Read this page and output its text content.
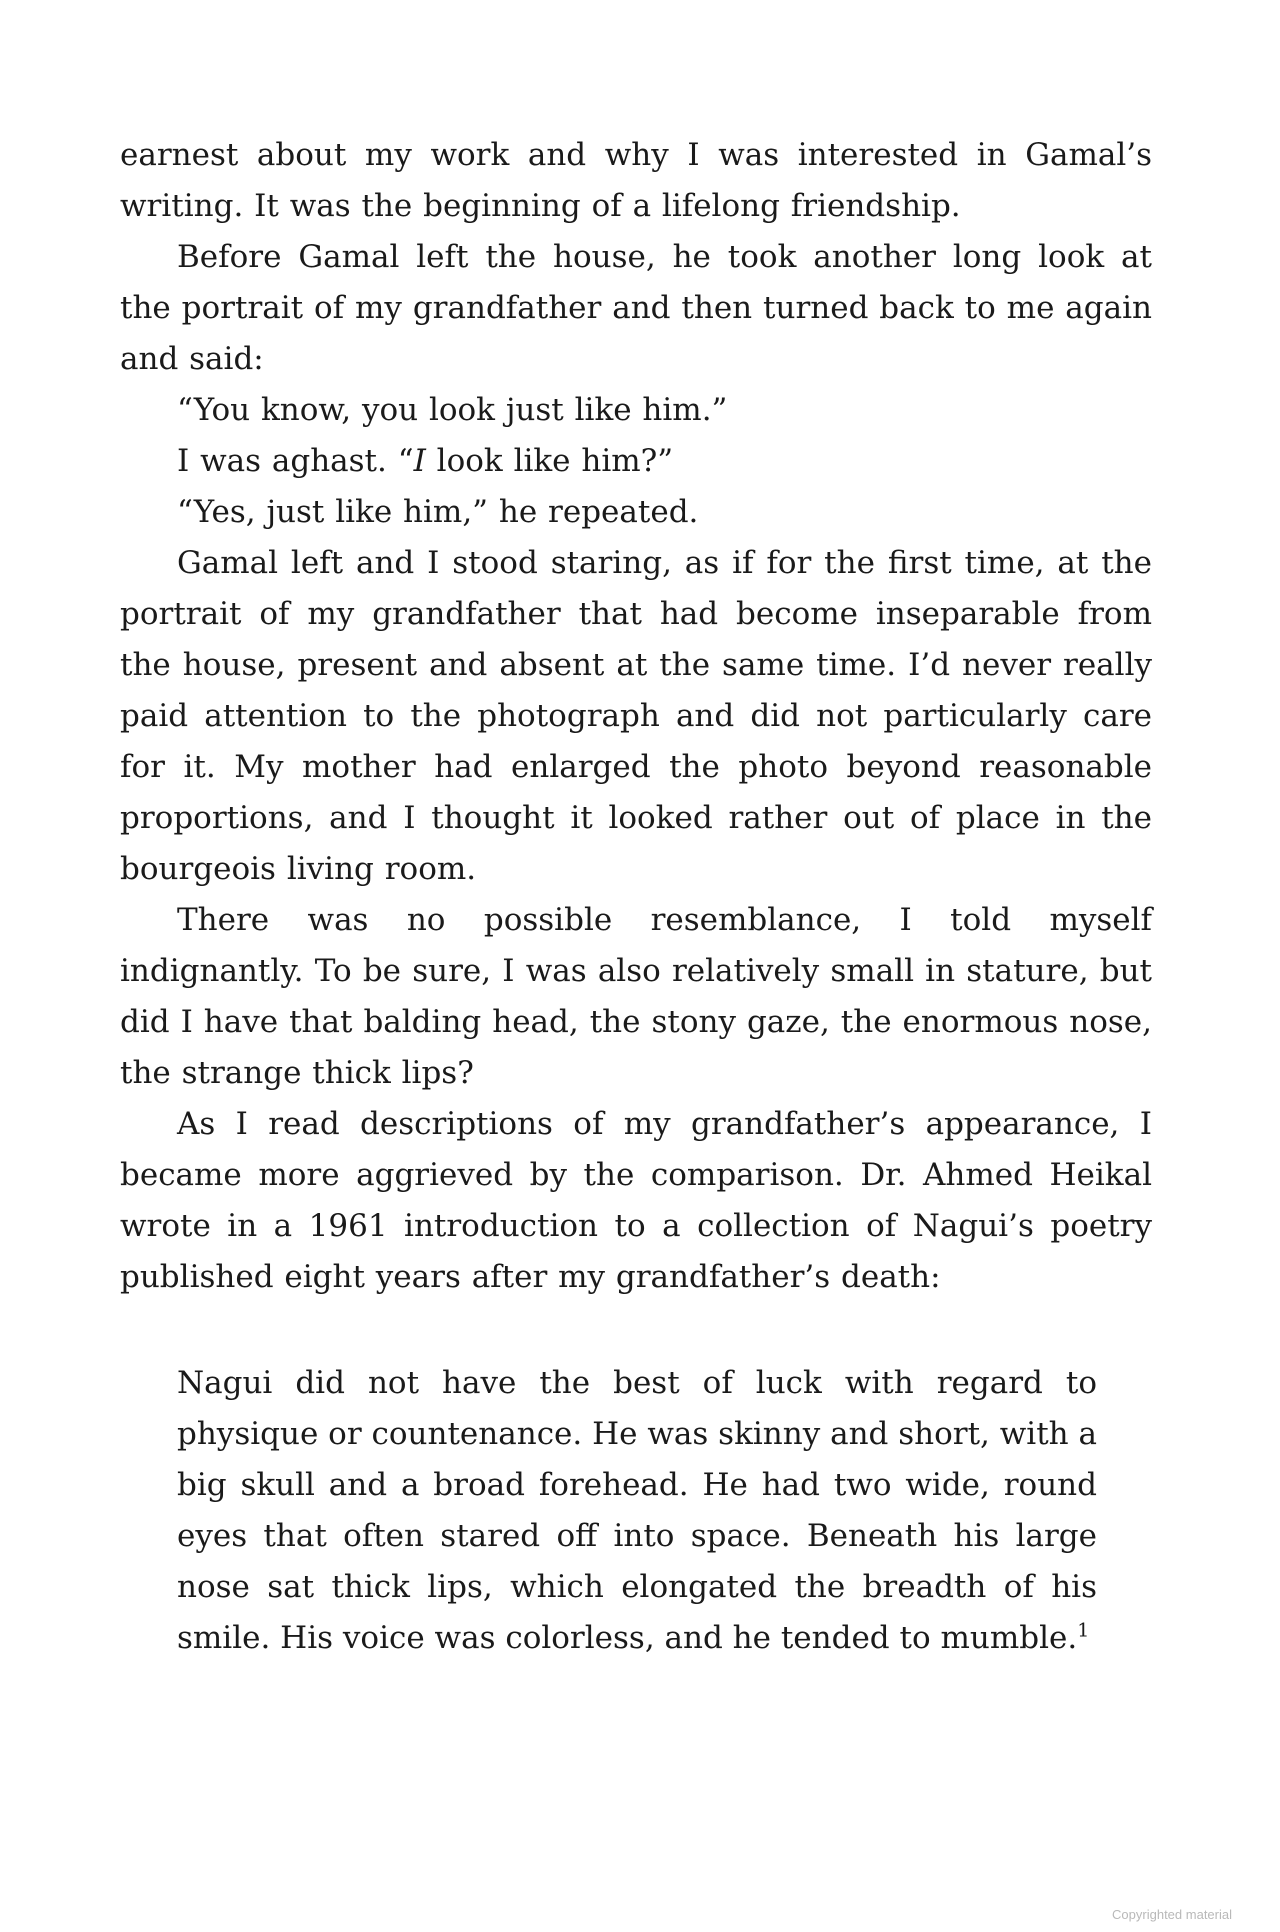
earnest about my work and why I was interested in Gamal’s writing. It was the beginning of a lifelong friendship.

Before Gamal left the house, he took another long look at the portrait of my grandfather and then turned back to me again and said:

“You know, you look just like him.”

I was aghast. “I look like him?”

“Yes, just like him,” he repeated.

Gamal left and I stood staring, as if for the first time, at the portrait of my grandfather that had become inseparable from the house, present and absent at the same time. I’d never really paid attention to the photograph and did not particularly care for it. My mother had enlarged the photo beyond reasonable proportions, and I thought it looked rather out of place in the bourgeois living room.

There was no possible resemblance, I told myself indignantly. To be sure, I was also relatively small in stature, but did I have that balding head, the stony gaze, the enormous nose, the strange thick lips?

As I read descriptions of my grandfather’s appearance, I became more aggrieved by the comparison. Dr. Ahmed Heikal wrote in a 1961 introduction to a collection of Nagui’s poetry published eight years after my grandfather’s death:

Nagui did not have the best of luck with regard to physique or countenance. He was skinny and short, with a big skull and a broad forehead. He had two wide, round eyes that often stared off into space. Beneath his large nose sat thick lips, which elongated the breadth of his smile. His voice was colorless, and he tended to mumble.$^1$

Copyrighted material
